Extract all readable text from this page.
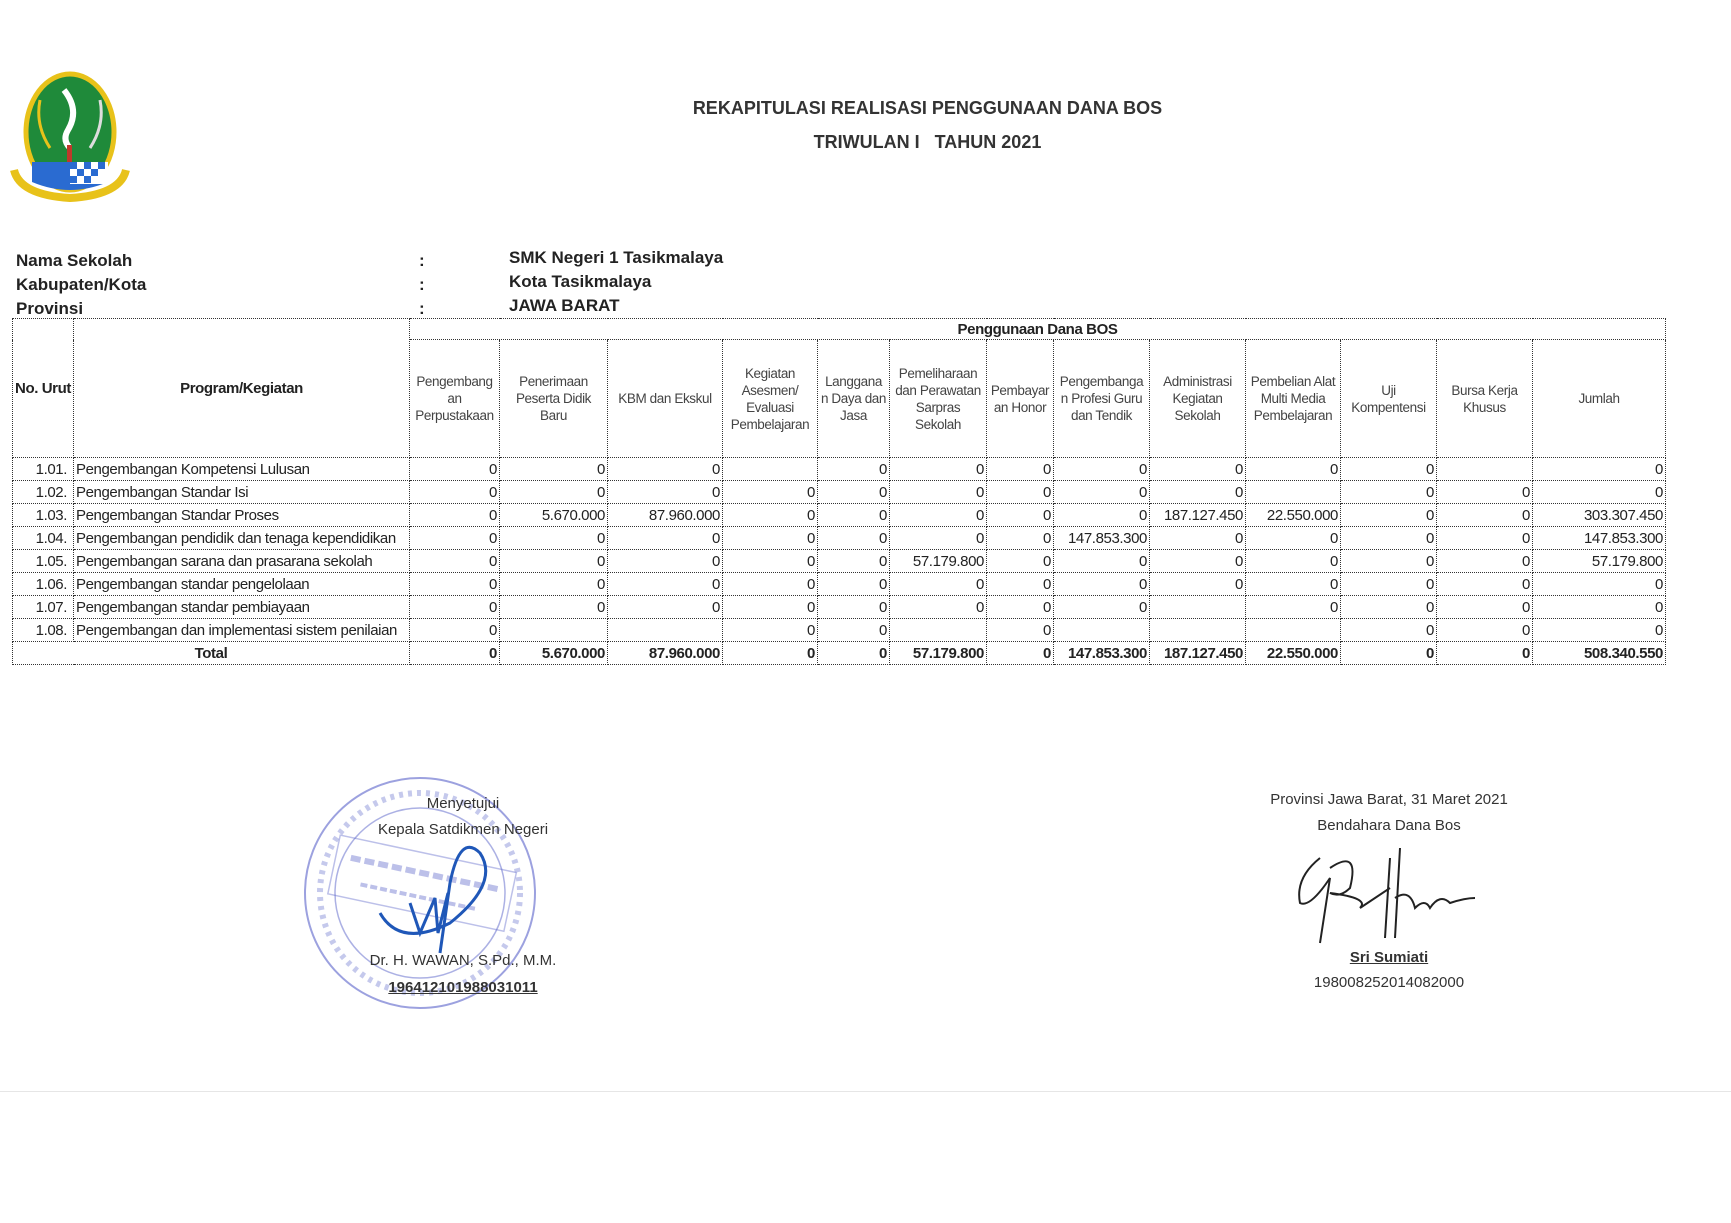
REKAPITULASI REALISASI PENGGUNAAN DANA BOS
TRIWULAN I   TAHUN 2021
Nama Sekolah	:	SMK Negeri 1 Tasikmalaya
Kabupaten/Kota	:	Kota Tasikmalaya
Provinsi	:	JAWA BARAT
No. Urut	Program/Kegiatan	Penggunaan Dana BOS												
		Pengembang an Perpustakaan	Penerimaan Peserta Didik Baru	KBM dan Ekskul	Kegiatan Asesmen/ Evaluasi Pembelajaran	Langgana n Daya dan Jasa	Pemeliharaan dan Perawatan Sarpras Sekolah	Pembayar an Honor	Pengembanga n Profesi Guru dan Tendik	Administrasi Kegiatan Sekolah	Pembelian Alat Multi Media Pembelajaran	Uji Kompentensi	Bursa Kerja Khusus	Jumlah
1.01.	Pengembangan Kompetensi Lulusan	0	0	0		0	0	0	0	0	0	0		0
1.02.	Pengembangan Standar Isi	0	0	0	0	0	0	0	0	0		0	0	0
1.03.	Pengembangan Standar Proses	0	5.670.000	87.960.000	0	0	0	0	0	187.127.450	22.550.000	0	0	303.307.450
1.04.	Pengembangan pendidik dan tenaga kependidikan	0	0	0	0	0	0	0	147.853.300	0	0	0	0	147.853.300
1.05.	Pengembangan sarana dan prasarana sekolah	0	0	0	0	0	57.179.800	0	0	0	0	0	0	57.179.800
1.06.	Pengembangan standar pengelolaan	0	0	0	0	0	0	0	0	0	0	0	0	0
1.07.	Pengembangan standar pembiayaan	0	0	0	0	0	0	0	0		0	0	0	0
1.08.	Pengembangan dan implementasi sistem penilaian	0			0	0		0				0	0	0
Total		0	5.670.000	87.960.000	0	0	57.179.800	0	147.853.300	187.127.450	22.550.000	0	0	508.340.550
Menyetujui
Kepala Satdikmen Negeri
Dr. H. WAWAN, S.Pd., M.M.
196412101988031011
Provinsi Jawa Barat, 31 Maret 2021
Bendahara Dana Bos
Sri Sumiati
198008252014082000
